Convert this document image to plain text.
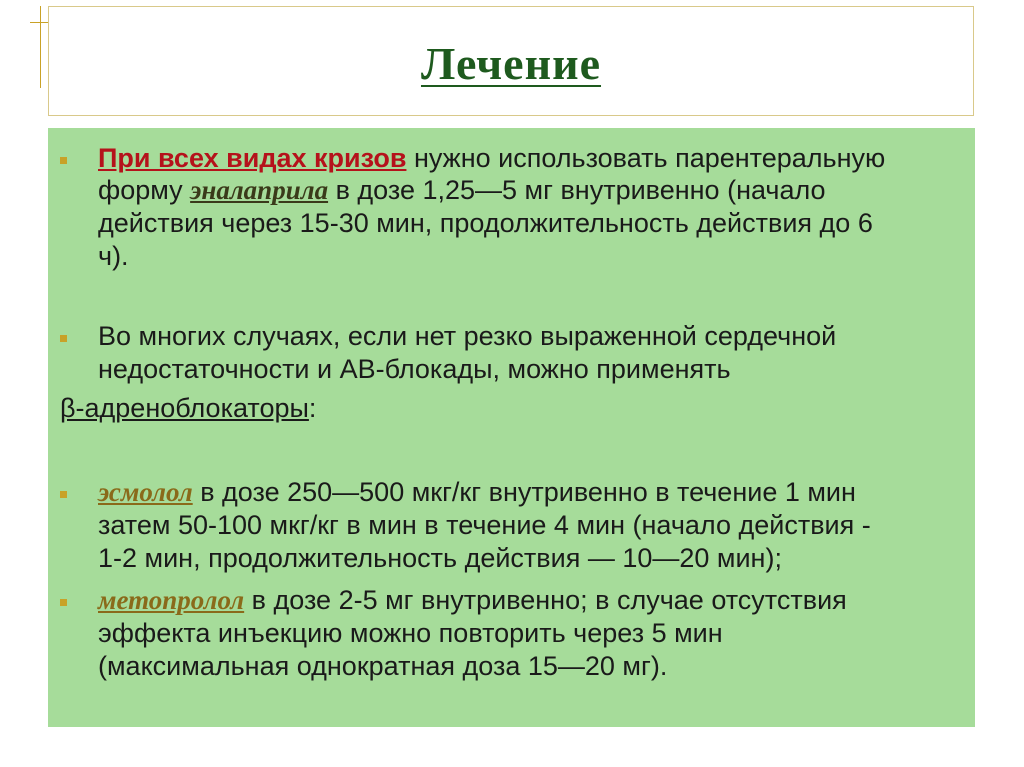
Лечение
При всех видах кризов нужно использовать парентеральную
форму эналаприла в дозе 1,25—5 мг внутривенно (начало
действия через 15-30 мин, продолжительность действия до 6
ч).
Во многих случаях, если нет резко выраженной сердечной
недостаточности и АВ-блокады, можно применять
β-адреноблокаторы:
эсмолол в дозе 250—500 мкг/кг внутривенно в течение 1 мин
затем 50-100 мкг/кг в мин в течение 4 мин (начало действия -
1-2 мин, продолжительность действия — 10—20 мин);
метопролол в дозе 2-5 мг внутривенно; в случае отсутствия
эффекта инъекцию можно повторить через 5 мин
(максимальная однократная доза 15—20 мг).
